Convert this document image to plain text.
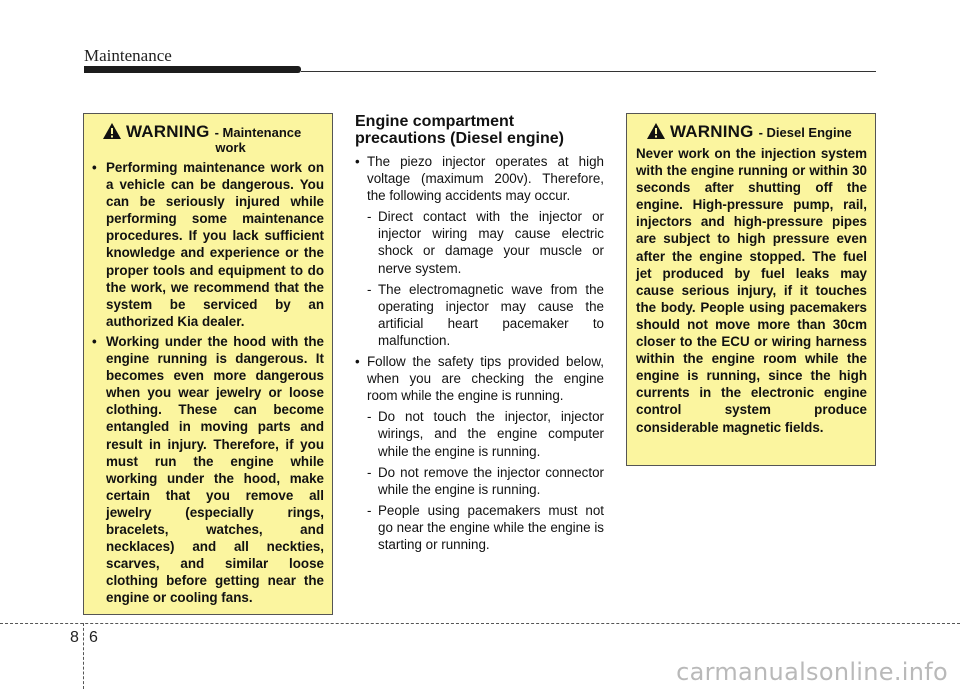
Maintenance
WARNING - Maintenance
work
• Performing maintenance work on a vehicle can be dangerous. You can be seriously injured while performing some maintenance procedures. If you lack sufficient knowledge and experience or the proper tools and equipment to do the work, we recommend that the system be serviced by an authorized Kia dealer.
• Working under the hood with the engine running is dangerous. It becomes even more dangerous when you wear jewelry or loose clothing. These can become entangled in moving parts and result in injury. Therefore, if you must run the engine while working under the hood, make certain that you remove all jewelry (especially rings, bracelets, watches, and necklaces) and all neckties, scarves, and similar loose clothing before getting near the engine or cooling fans.
Engine compartment precautions (Diesel engine)
• The piezo injector operates at high voltage (maximum 200v). Therefore, the following accidents may occur.
- Direct contact with the injector or injector wiring may cause electric shock or damage your muscle or nerve system.
- The electromagnetic wave from the operating injector may cause the artificial heart pacemaker to malfunction.
• Follow the safety tips provided below, when you are checking the engine room while the engine is running.
- Do not touch the injector, injector wirings, and the engine computer while the engine is running.
- Do not remove the injector connector while the engine is running.
- People using pacemakers must not go near the engine while the engine is starting or running.
WARNING - Diesel Engine
Never work on the injection system with the engine running or within 30 seconds after shutting off the engine. High-pressure pump, rail, injectors and high-pressure pipes are subject to high pressure even after the engine stopped. The fuel jet produced by fuel leaks may cause serious injury, if it touches the body. People using pacemakers should not move more than 30cm closer to the ECU or wiring harness within the engine room while the engine is running, since the high currents in the electronic engine control system produce considerable magnetic fields.
8 6
carmanualsonline.info
